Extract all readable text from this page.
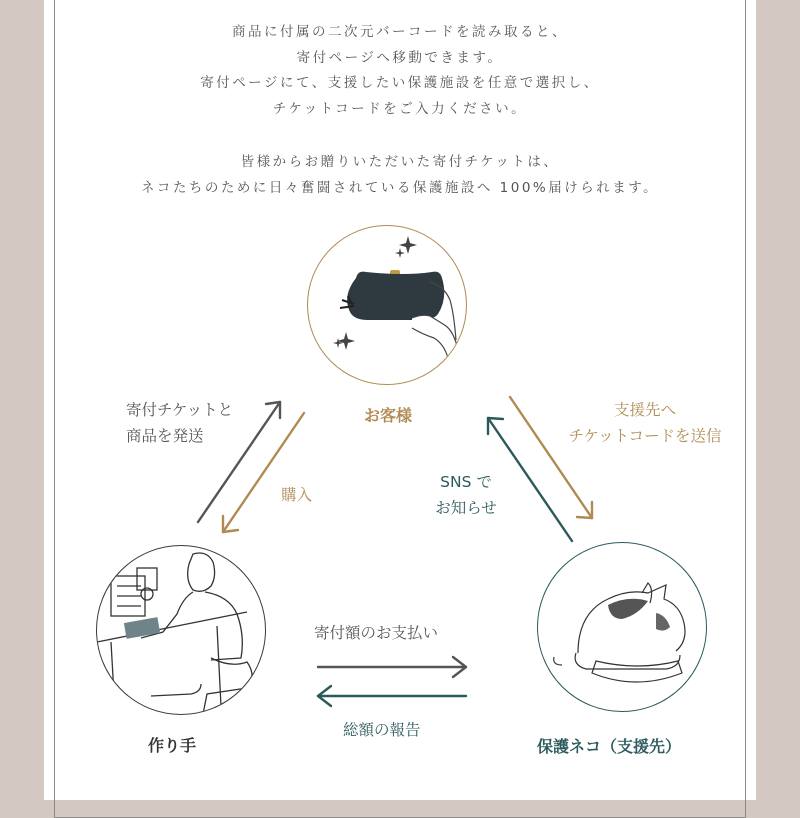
商品に付属の二次元バーコードを読み取ると、

寄付ページへ移動できます。

寄付ページにて、支援したい保護施設を任意で選択し、

チケットコードをご入力ください。

皆様からお贈りいただいた寄付チケットは、

ネコたちのために日々奮闘されている保護施設へ 100%届けられます。

お客様
作り手	保護ネコ（支援先）
寄付チケットと
商品を発送
購入
支援先へ
チケットコードを送信
SNS で
お知らせ
寄付額のお支払い
総額の報告
